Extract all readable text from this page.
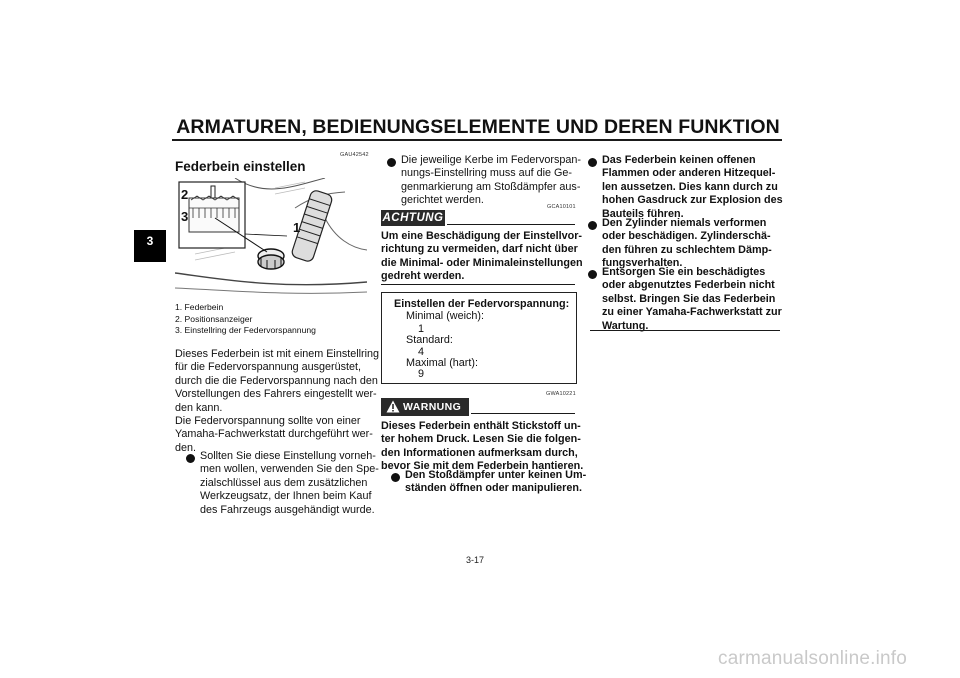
ARMATUREN, BEDIENUNGSELEMENTE UND DEREN FUNKTION
3
GAU42542
Federbein einstellen
2
3
1
1. Federbein
2. Positionsanzeiger
3. Einstellring der Federvorspannung
Dieses Federbein ist mit einem Einstellring
für die Federvorspannung ausgerüstet,
durch die die Federvorspannung nach den
Vorstellungen des Fahrers eingestellt wer-
den kann.
Die Federvorspannung sollte von einer
Yamaha-Fachwerkstatt durchgeführt wer-
den.
Sollten Sie diese Einstellung vorneh-
men wollen, verwenden Sie den Spe-
zialschlüssel aus dem zusätzlichen
Werkzeugsatz, der Ihnen beim Kauf
des Fahrzeugs ausgehändigt wurde.
Die jeweilige Kerbe im Federvorspan-
nungs-Einstellring muss auf die Ge-
genmarkierung am Stoßdämpfer aus-
gerichtet werden.
GCA10101
ACHTUNG
Um eine Beschädigung der Einstellvor-
richtung zu vermeiden, darf nicht über
die Minimal- oder Minimaleinstellungen
gedreht werden.
Einstellen der Federvorspannung:
Minimal (weich):
1
Standard:
4
Maximal (hart):
9
GWA10221
WARNUNG
Dieses Federbein enthält Stickstoff un-
ter hohem Druck. Lesen Sie die folgen-
den Informationen aufmerksam durch,
bevor Sie mit dem Federbein hantieren.
Den Stoßdämpfer unter keinen Um-
ständen öffnen oder manipulieren.
Das Federbein keinen offenen
Flammen oder anderen Hitzequel-
len aussetzen. Dies kann durch zu
hohen Gasdruck zur Explosion des
Bauteils führen.
Den Zylinder niemals verformen
oder beschädigen. Zylinderschä-
den führen zu schlechtem Dämp-
fungsverhalten.
Entsorgen Sie ein beschädigtes
oder abgenutztes Federbein nicht
selbst. Bringen Sie das Federbein
zu einer Yamaha-Fachwerkstatt zur
Wartung.
3-17
carmanualsonline.info
